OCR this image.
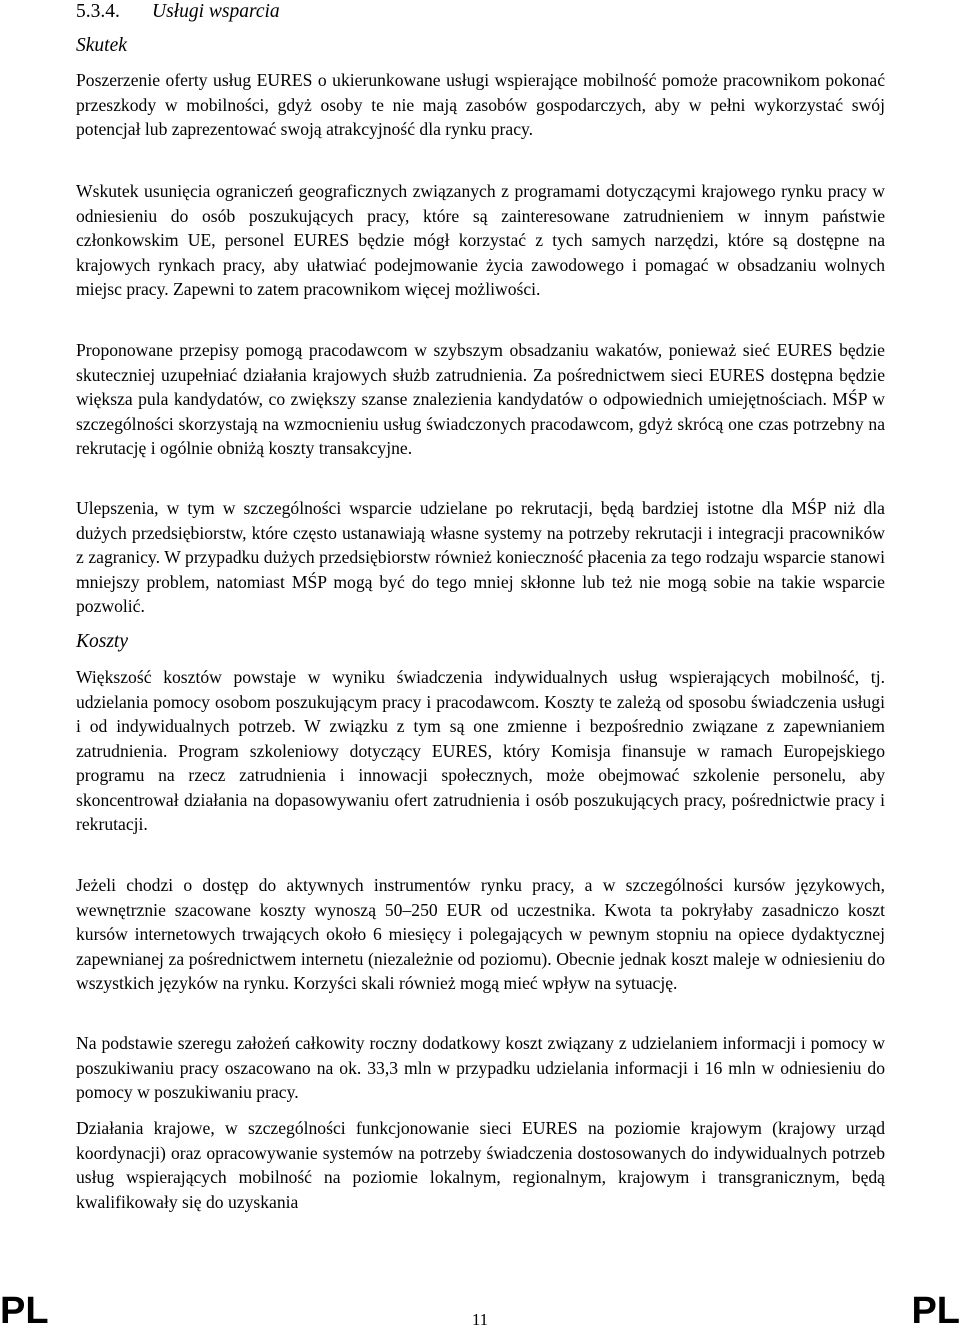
5.3.4. Usługi wsparcia
Skutek

Poszerzenie oferty usług EURES o ukierunkowane usługi wspierające mobilność pomoże pracownikom pokonać przeszkody w mobilności, gdyż osoby te nie mają zasobów gospodarczych, aby w pełni wykorzystać swój potencjał lub zaprezentować swoją atrakcyjność dla rynku pracy.

Wskutek usunięcia ograniczeń geograficznych związanych z programami dotyczącymi krajowego rynku pracy w odniesieniu do osób poszukujących pracy, które są zainteresowane zatrudnieniem w innym państwie członkowskim UE, personel EURES będzie mógł korzystać z tych samych narzędzi, które są dostępne na krajowych rynkach pracy, aby ułatwiać podejmowanie życia zawodowego i pomagać w obsadzaniu wolnych miejsc pracy. Zapewni to zatem pracownikom więcej możliwości.

Proponowane przepisy pomogą pracodawcom w szybszym obsadzaniu wakatów, ponieważ sieć EURES będzie skuteczniej uzupełniać działania krajowych służb zatrudnienia. Za pośrednictwem sieci EURES dostępna będzie większa pula kandydatów, co zwiększy szanse znalezienia kandydatów o odpowiednich umiejętnościach. MŚP w szczególności skorzystają na wzmocnieniu usług świadczonych pracodawcom, gdyż skrócą one czas potrzebny na rekrutację i ogólnie obniżą koszty transakcyjne.

Ulepszenia, w tym w szczególności wsparcie udzielane po rekrutacji, będą bardziej istotne dla MŚP niż dla dużych przedsiębiorstw, które często ustanawiają własne systemy na potrzeby rekrutacji i integracji pracowników z zagranicy. W przypadku dużych przedsiębiorstw również konieczność płacenia za tego rodzaju wsparcie stanowi mniejszy problem, natomiast MŚP mogą być do tego mniej skłonne lub też nie mogą sobie na takie wsparcie pozwolić.

Koszty

Większość kosztów powstaje w wyniku świadczenia indywidualnych usług wspierających mobilność, tj. udzielania pomocy osobom poszukującym pracy i pracodawcom. Koszty te zależą od sposobu świadczenia usługi i od indywidualnych potrzeb. W związku z tym są one zmienne i bezpośrednio związane z zapewnianiem zatrudnienia. Program szkoleniowy dotyczący EURES, który Komisja finansuje w ramach Europejskiego programu na rzecz zatrudnienia i innowacji społecznych, może obejmować szkolenie personelu, aby skoncentrował działania na dopasowywaniu ofert zatrudnienia i osób poszukujących pracy, pośrednictwie pracy i rekrutacji.

Jeżeli chodzi o dostęp do aktywnych instrumentów rynku pracy, a w szczególności kursów językowych, wewnętrznie szacowane koszty wynoszą 50–250 EUR od uczestnika. Kwota ta pokryłaby zasadniczo koszt kursów internetowych trwających około 6 miesięcy i polegających w pewnym stopniu na opiece dydaktycznej zapewnianej za pośrednictwem internetu (niezależnie od poziomu). Obecnie jednak koszt maleje w odniesieniu do wszystkich języków na rynku. Korzyści skali również mogą mieć wpływ na sytuację.

Na podstawie szeregu założeń całkowity roczny dodatkowy koszt związany z udzielaniem informacji i pomocy w poszukiwaniu pracy oszacowano na ok. 33,3 mln w przypadku udzielania informacji i 16 mln w odniesieniu do pomocy w poszukiwaniu pracy.

Działania krajowe, w szczególności funkcjonowanie sieci EURES na poziomie krajowym (krajowy urząd koordynacji) oraz opracowywanie systemów na potrzeby świadczenia dostosowanych do indywidualnych potrzeb usług wspierających mobilność na poziomie lokalnym, regionalnym, krajowym i transgranicznym, będą kwalifikowały się do uzyskania

PL	11	PL
